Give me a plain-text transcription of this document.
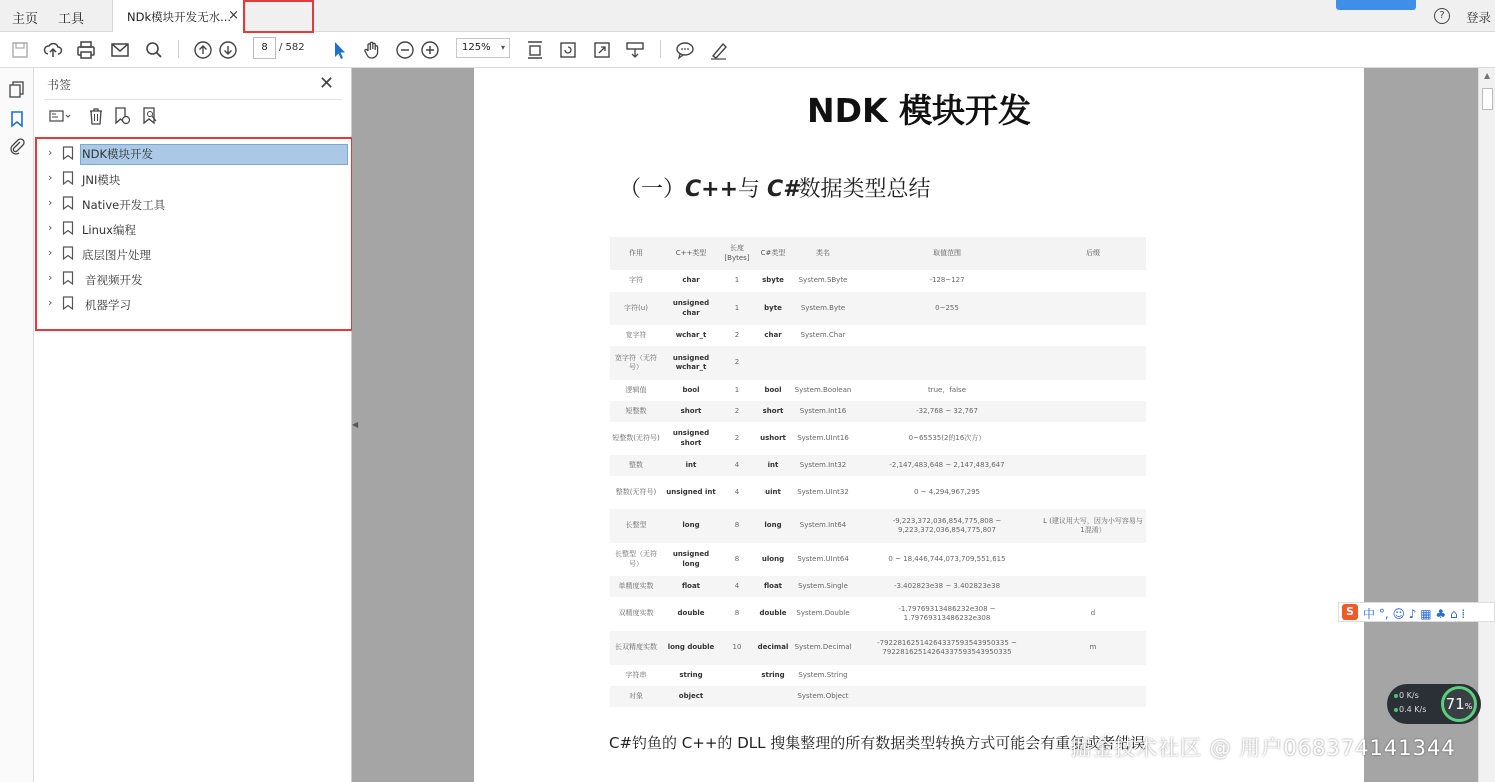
主页 工具	NDk模块开发无水...
×	?	登录
8	/ 582	125% ▾
书签	✕
›	NDK模块开发
›	JNI模块
›	Native开发工具
›	Linux编程
›	底层图片处理
›	音视频开发
›	机器学习
◀
▲
NDK 模块开发
（一）C++与 C#数据类型总结
作用	C++类型	长度[Bytes]	C#类型	类名	取值范围	后缀
字符	char	1	sbyte	System.SByte	-128~127	
字符(u)	unsigned char	1	byte	System.Byte	0~255	
宽字符	wchar_t	2	char	System.Char		
宽字符（无符号）	unsigned wchar_t	2				
逻辑值	bool	1	bool	System.Boolean	true，false	
短整数	short	2	short	System.Int16	-32,768 ~ 32,767	
短整数(无符号)	unsigned short	2	ushort	System.UInt16	0~65535(2的16次方）	
整数	int	4	int	System.Int32	-2,147,483,648 ~ 2,147,483,647	
整数(无符号)	unsigned int	4	uint	System.UInt32	0 ~ 4,294,967,295	
长整型	long	8	long	System.Int64	-9,223,372,036,854,775,808 ~ 9,223,372,036,854,775,807	L (建议用大写，因为小写容易与1混淆）
长整型（无符号）	unsigned long	8	ulong	System.UInt64	0 ~ 18,446,744,073,709,551,615	
单精度实数	float	4	float	System.Single	-3.402823e38 ~ 3.402823e38	
双精度实数	double	8	double	System.Double	-1.79769313486232e308 ~ 1.79769313486232e308	d
长双精度实数	long double	10	decimal	System.Decimal	-79228162514264337593543950335 ~ 79228162514264337593543950335	m
字符串	string		string	System.String		
对象	object			System.Object		
C#钓鱼的 C++的 DLL 搜集整理的所有数据类型转换方式可能会有重复或者错误
S 中 °, ☺ ♪ ▦ ♣ ⌂ ⁞
0 K/s
0.4 K/s	71%
掘金技术社区 @ 用户068374141344
